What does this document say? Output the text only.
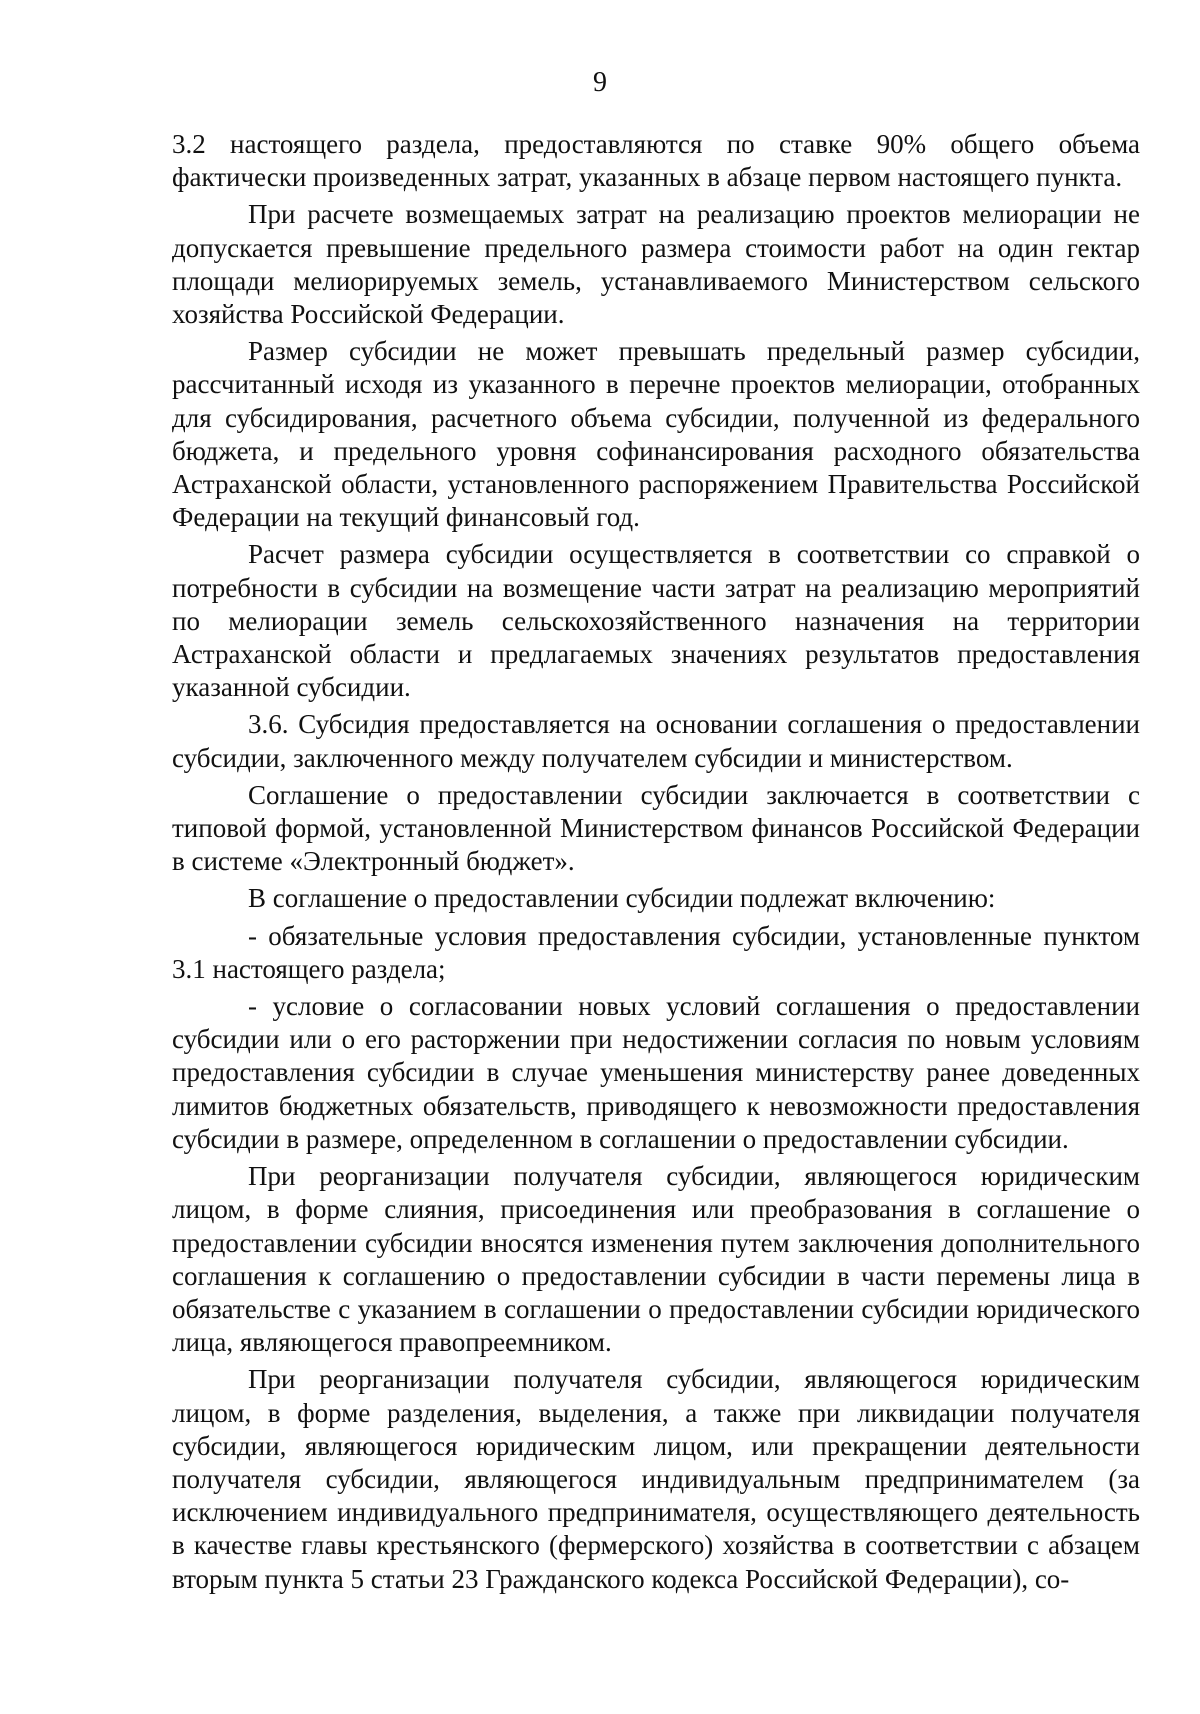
9

3.2 настоящего раздела, предоставляются по ставке 90% общего объема фактически произведенных затрат, указанных в абзаце первом настоящего пункта.

При расчете возмещаемых затрат на реализацию проектов мелиорации не допускается превышение предельного размера стоимости работ на один гектар площади мелиорируемых земель, устанавливаемого Министерством сельского хозяйства Российской Федерации.

Размер субсидии не может превышать предельный размер субсидии, рассчитанный исходя из указанного в перечне проектов мелиорации, отобранных для субсидирования, расчетного объема субсидии, полученной из федерального бюджета, и предельного уровня софинансирования расходного обязательства Астраханской области, установленного распоряжением Правительства Российской Федерации на текущий финансовый год.

Расчет размера субсидии осуществляется в соответствии со справкой о потребности в субсидии на возмещение части затрат на реализацию мероприятий по мелиорации земель сельскохозяйственного назначения на территории Астраханской области и предлагаемых значениях результатов предоставления указанной субсидии.

3.6. Субсидия предоставляется на основании соглашения о предоставлении субсидии, заключенного между получателем субсидии и министерством.

Соглашение о предоставлении субсидии заключается в соответствии с типовой формой, установленной Министерством финансов Российской Федерации в системе «Электронный бюджет».

В соглашение о предоставлении субсидии подлежат включению:

- обязательные условия предоставления субсидии, установленные пунктом 3.1 настоящего раздела;

- условие о согласовании новых условий соглашения о предоставлении субсидии или о его расторжении при недостижении согласия по новым условиям предоставления субсидии в случае уменьшения министерству ранее доведенных лимитов бюджетных обязательств, приводящего к невозможности предоставления субсидии в размере, определенном в соглашении о предоставлении субсидии.

При реорганизации получателя субсидии, являющегося юридическим лицом, в форме слияния, присоединения или преобразования в соглашение о предоставлении субсидии вносятся изменения путем заключения дополнительного соглашения к соглашению о предоставлении субсидии в части перемены лица в обязательстве с указанием в соглашении о предоставлении субсидии юридического лица, являющегося правопреемником.

При реорганизации получателя субсидии, являющегося юридическим лицом, в форме разделения, выделения, а также при ликвидации получателя субсидии, являющегося юридическим лицом, или прекращении деятельности получателя субсидии, являющегося индивидуальным предпринимателем (за исключением индивидуального предпринимателя, осуществляющего деятельность в качестве главы крестьянского (фермерского) хозяйства в соответствии с абзацем вторым пункта 5 статьи 23 Гражданского кодекса Российской Федерации), со-
